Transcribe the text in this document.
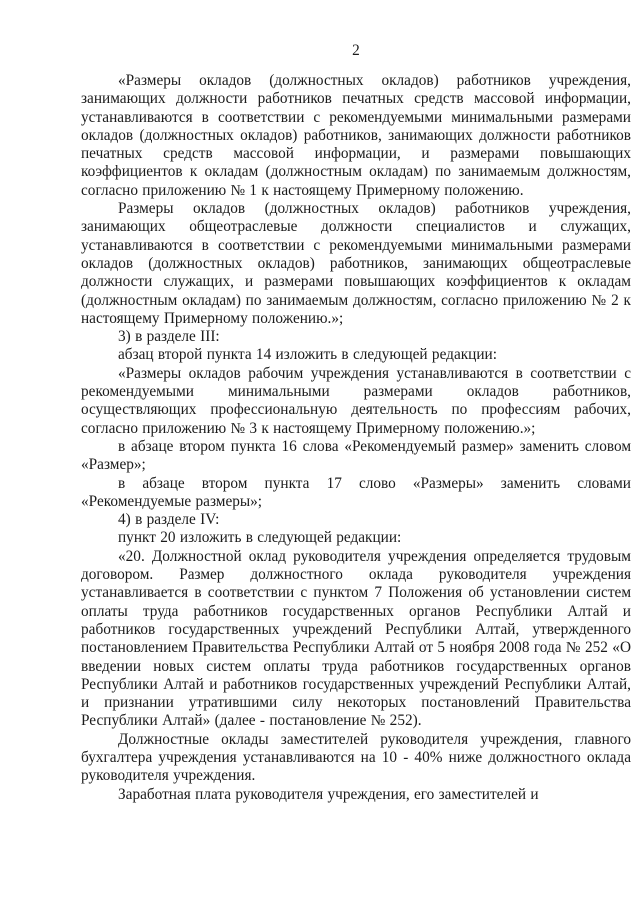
2

«Размеры окладов (должностных окладов) работников учреждения, занимающих должности работников печатных средств массовой информации, устанавливаются в соответствии с рекомендуемыми минимальными размерами окладов (должностных окладов) работников, занимающих должности работников печатных средств массовой информации, и размерами повышающих коэффициентов к окладам (должностным окладам) по занимаемым должностям, согласно приложению № 1 к настоящему Примерному положению.

Размеры окладов (должностных окладов) работников учреждения, занимающих общеотраслевые должности специалистов и служащих, устанавливаются в соответствии с рекомендуемыми минимальными размерами окладов (должностных окладов) работников, занимающих общеотраслевые должности служащих, и размерами повышающих коэффициентов к окладам (должностным окладам) по занимаемым должностям, согласно приложению № 2 к настоящему Примерному положению.»;

3) в разделе III:

абзац второй пункта 14 изложить в следующей редакции:

«Размеры окладов рабочим учреждения устанавливаются в соответствии с рекомендуемыми минимальными размерами окладов работников, осуществляющих профессиональную деятельность по профессиям рабочих, согласно приложению № 3 к настоящему Примерному положению.»;

в абзаце втором пункта 16 слова «Рекомендуемый размер» заменить словом «Размер»;

в абзаце втором пункта 17 слово «Размеры» заменить словами «Рекомендуемые размеры»;

4) в разделе IV:

пункт 20 изложить в следующей редакции:

«20. Должностной оклад руководителя учреждения определяется трудовым договором. Размер должностного оклада руководителя учреждения устанавливается в соответствии с пунктом 7 Положения об установлении систем оплаты труда работников государственных органов Республики Алтай и работников государственных учреждений Республики Алтай, утвержденного постановлением Правительства Республики Алтай от 5 ноября 2008 года № 252 «О введении новых систем оплаты труда работников государственных органов Республики Алтай и работников государственных учреждений Республики Алтай, и признании утратившими силу некоторых постановлений Правительства Республики Алтай» (далее - постановление № 252).

Должностные оклады заместителей руководителя учреждения, главного бухгалтера учреждения устанавливаются на 10 - 40% ниже должностного оклада руководителя учреждения.

Заработная плата руководителя учреждения, его заместителей и
